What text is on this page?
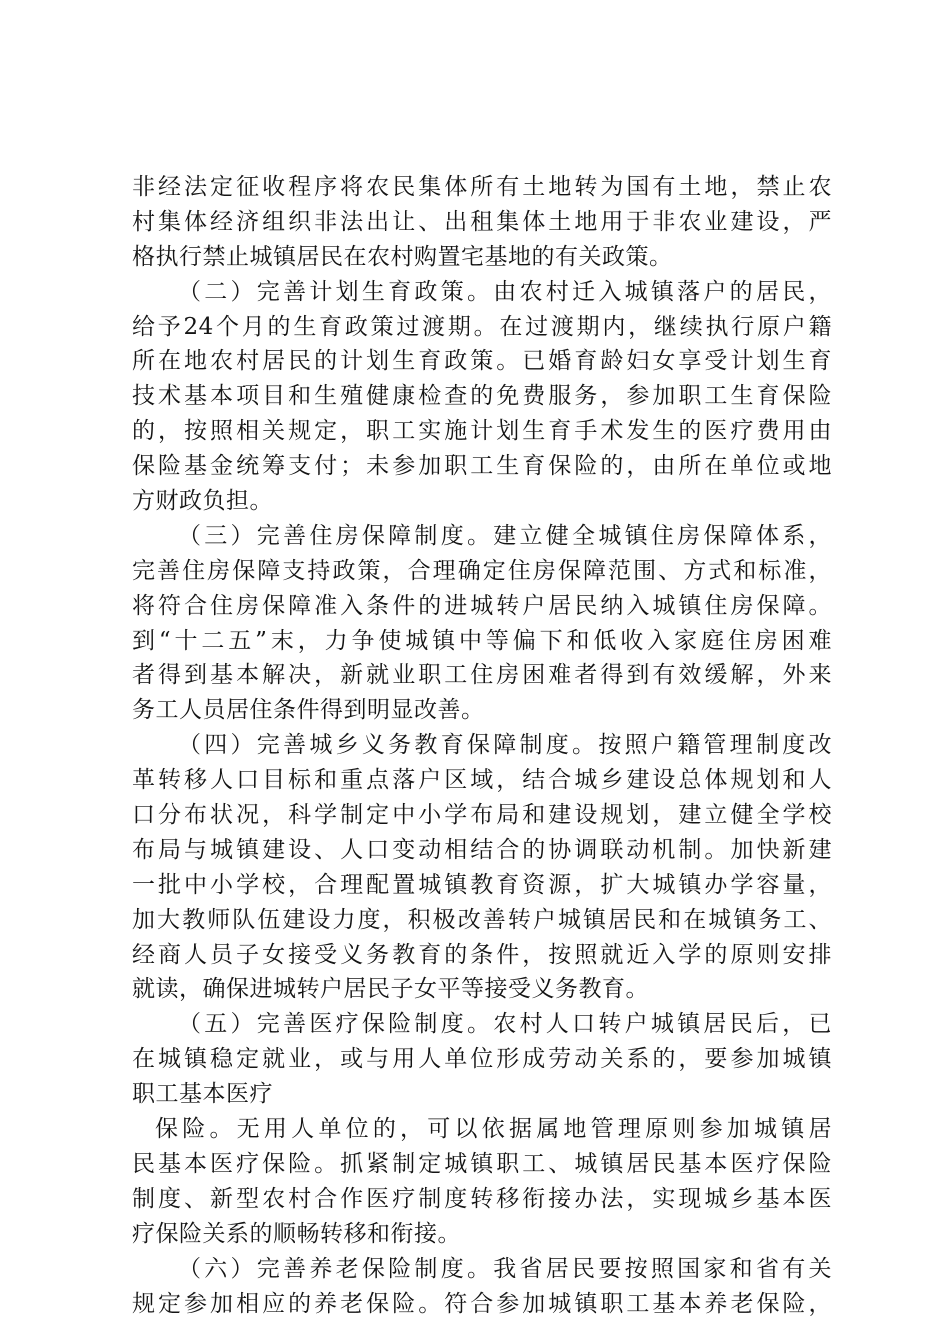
非经法定征收程序将农民集体所有土地转为国有土地，禁止农
村集体经济组织非法出让、出租集体土地用于非农业建设，严
格执行禁止城镇居民在农村购置宅基地的有关政策。
（二）完善计划生育政策。由农村迁入城镇落户的居民，
给予24个月的生育政策过渡期。在过渡期内，继续执行原户籍
所在地农村居民的计划生育政策。已婚育龄妇女享受计划生育
技术基本项目和生殖健康检查的免费服务，参加职工生育保险
的，按照相关规定，职工实施计划生育手术发生的医疗费用由
保险基金统筹支付；未参加职工生育保险的，由所在单位或地
方财政负担。
（三）完善住房保障制度。建立健全城镇住房保障体系，
完善住房保障支持政策，合理确定住房保障范围、方式和标准，
将符合住房保障准入条件的进城转户居民纳入城镇住房保障。
到“十二五”末，力争使城镇中等偏下和低收入家庭住房困难
者得到基本解决，新就业职工住房困难者得到有效缓解，外来
务工人员居住条件得到明显改善。
（四）完善城乡义务教育保障制度。按照户籍管理制度改
革转移人口目标和重点落户区域，结合城乡建设总体规划和人
口分布状况，科学制定中小学布局和建设规划，建立健全学校
布局与城镇建设、人口变动相结合的协调联动机制。加快新建
一批中小学校，合理配置城镇教育资源，扩大城镇办学容量，
加大教师队伍建设力度，积极改善转户城镇居民和在城镇务工、
经商人员子女接受义务教育的条件，按照就近入学的原则安排
就读，确保进城转户居民子女平等接受义务教育。
（五）完善医疗保险制度。农村人口转户城镇居民后，已
在城镇稳定就业，或与用人单位形成劳动关系的，要参加城镇
职工基本医疗
保险。无用人单位的，可以依据属地管理原则参加城镇居
民基本医疗保险。抓紧制定城镇职工、城镇居民基本医疗保险
制度、新型农村合作医疗制度转移衔接办法，实现城乡基本医
疗保险关系的顺畅转移和衔接。
（六）完善养老保险制度。我省居民要按照国家和省有关
规定参加相应的养老保险。符合参加城镇职工基本养老保险，
